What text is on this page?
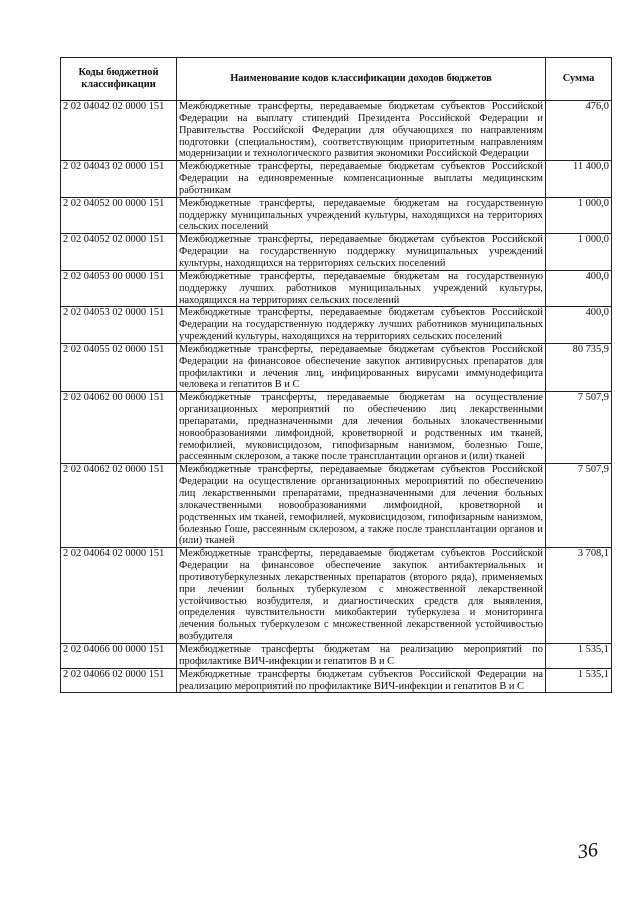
Коды бюджетной классификации	Наименование кодов классификации доходов бюджетов	Сумма
2 02 04042 02 0000 151	Межбюджетные трансферты, передаваемые бюджетам субъектов Российской Федерации на выплату стипендий Президента Российской Федерации и Правительства Российской Федерации для обучающихся по направлениям подготовки (специальностям), соответствующим приоритетным направлениям модернизации и технологического развития экономики Российской Федерации	476,0
2 02 04043 02 0000 151	Межбюджетные трансферты, передаваемые бюджетам субъектов Российской Федерации на единовременные компенсационные выплаты медицинским работникам	11 400,0
2 02 04052 00 0000 151	Межбюджетные трансферты, передаваемые бюджетам на государственную поддержку муниципальных учреждений культуры, находящихся на территориях сельских поселений	1 000,0
2 02 04052 02 0000 151	Межбюджетные трансферты, передаваемые бюджетам субъектов Российской Федерации на государственную поддержку муниципальных учреждений культуры, находящихся на территориях сельских поселений	1 000,0
2 02 04053 00 0000 151	Межбюджетные трансферты, передаваемые бюджетам на государственную поддержку лучших работников муниципальных учреждений культуры, находящихся на территориях сельских поселений	400,0
2 02 04053 02 0000 151	Межбюджетные трансферты, передаваемые бюджетам субъектов Российской Федерации на государственную поддержку лучших работников муниципальных учреждений культуры, находящихся на территориях сельских поселений	400,0
2 02 04055 02 0000 151	Межбюджетные трансферты, передаваемые бюджетам субъектов Российской Федерации на финансовое обеспечение закупок антивирусных препаратов для профилактики и лечения лиц, инфицированных вирусами иммунодефицита человека и гепатитов В и С	80 735,9
2 02 04062 00 0000 151	Межбюджетные трансферты, передаваемые бюджетам на осуществление организационных мероприятий по обеспечению лиц лекарственными препаратами, предназначенными для лечения больных злокачественными новообразованиями лимфоидной, кроветворной и родственных им тканей, гемофилией, муковисцидозом, гипофизарным нанизмом, болезнью Гоше, рассеянным склерозом, а также после трансплантации органов и (или) тканей	7 507,9
2 02 04062 02 0000 151	Межбюджетные трансферты, передаваемые бюджетам субъектов Российской Федерации на осуществление организационных мероприятий по обеспечению лиц лекарственными препаратами, предназначенными для лечения больных злокачественными новообразованиями лимфоидной, кроветворной и родственных им тканей, гемофилией, муковисцидозом, гипофизарным нанизмом, болезнью Гоше, рассеянным склерозом, а также после трансплантации органов и (или) тканей	7 507,9
2 02 04064 02 0000 151	Межбюджетные трансферты, передаваемые бюджетам субъектов Российской Федерации на финансовое обеспечение закупок антибактериальных и противотуберкулезных лекарственных препаратов (второго ряда), применяемых при лечении больных туберкулезом с множественной лекарственной устойчивостью возбудителя, и диагностических средств для выявления, определения чувствительности микобактерии туберкулеза и мониторинга лечения больных туберкулезом с множественной лекарственной устойчивостью возбудителя	3 708,1
2 02 04066 00 0000 151	Межбюджетные трансферты бюджетам на реализацию мероприятий по профилактике ВИЧ-инфекции и гепатитов В и С	1 535,1
2 02 04066 02 0000 151	Межбюджетные трансферты бюджетам субъектов Российской Федерации на реализацию мероприятий по профилактике ВИЧ-инфекции и гепатитов В и С	1 535,1
36
